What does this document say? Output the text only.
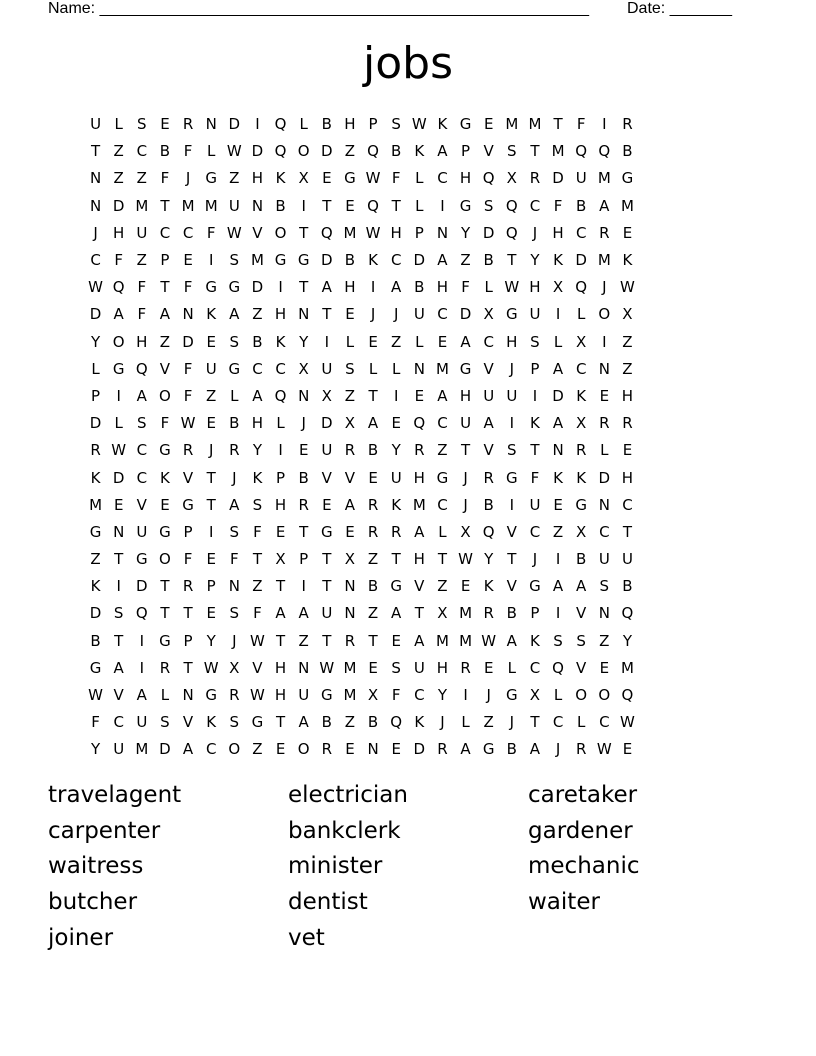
Name: _______________________________________________________ Date: _______
jobs
U L S E R N D	I	Q L B H P S W K G E M M T F	I	R
T Z C B F L W D Q O D Z Q B K A P V S T M Q Q B
N Z Z F	J	G Z H K X E G W F L C H Q X R D U M G
N D M T M M U N B	I	T E Q T L	I	G S Q C F B A M
J	H U C C F W V O T Q M W H P N Y D Q	J	H C R E
C F Z P E	I	S M G G D B K C D A Z B T Y K D M K
W Q F T F G G D	I	T A H	I	A B H F L W H X Q	J W
D A F A N K A Z H N T E	J	J	U C D X G U	I	L O X
Y O H Z D E S B K Y	I	L E Z L E A C H S L X	I	Z
L G Q V F U G C C X U S L L N M G V	J	P A C N Z
P	I	A O F Z L A Q N X Z T	I	E A H U U	I	D K E H
D L S F W E B H L	J	D X A E Q C U A	I	K A X R R
R W C G R	J	R Y	I	E U R B Y R Z T V S T N R L E
K D C K V T	J	K P B V V E U H G	J	R G F K K D H
M E V E G T A S H R E A R K M C	J	B	I	U E G N C
G N U G P	I	S F E T G E R R A L X Q V C Z X C T
Z T G O F E F T X P T X Z T H T W Y T	J	I	B U U
K	I	D T R P N Z T	I	T N B G V Z E K V G A A S B
D S Q T T E S F A A U N Z A T X M R B P	I	V N Q
B T	I	G P Y	J W T Z T R T E A M M W A K S S Z Y
G A	I	R T W X V H N W M E S U H R E L C Q V E M
W V A L N G R W H U G M X F C Y	I	J	G X L O O Q
F C U S V K S G T A B Z B Q K	J	L Z	J	T C L C W
Y U M D A C O Z E O R E N E D R A G B A	J	R W E
travelagent	electrician	caretaker
carpenter	bankclerk	gardener
waitress	minister	mechanic
butcher	dentist	waiter
joiner	vet
